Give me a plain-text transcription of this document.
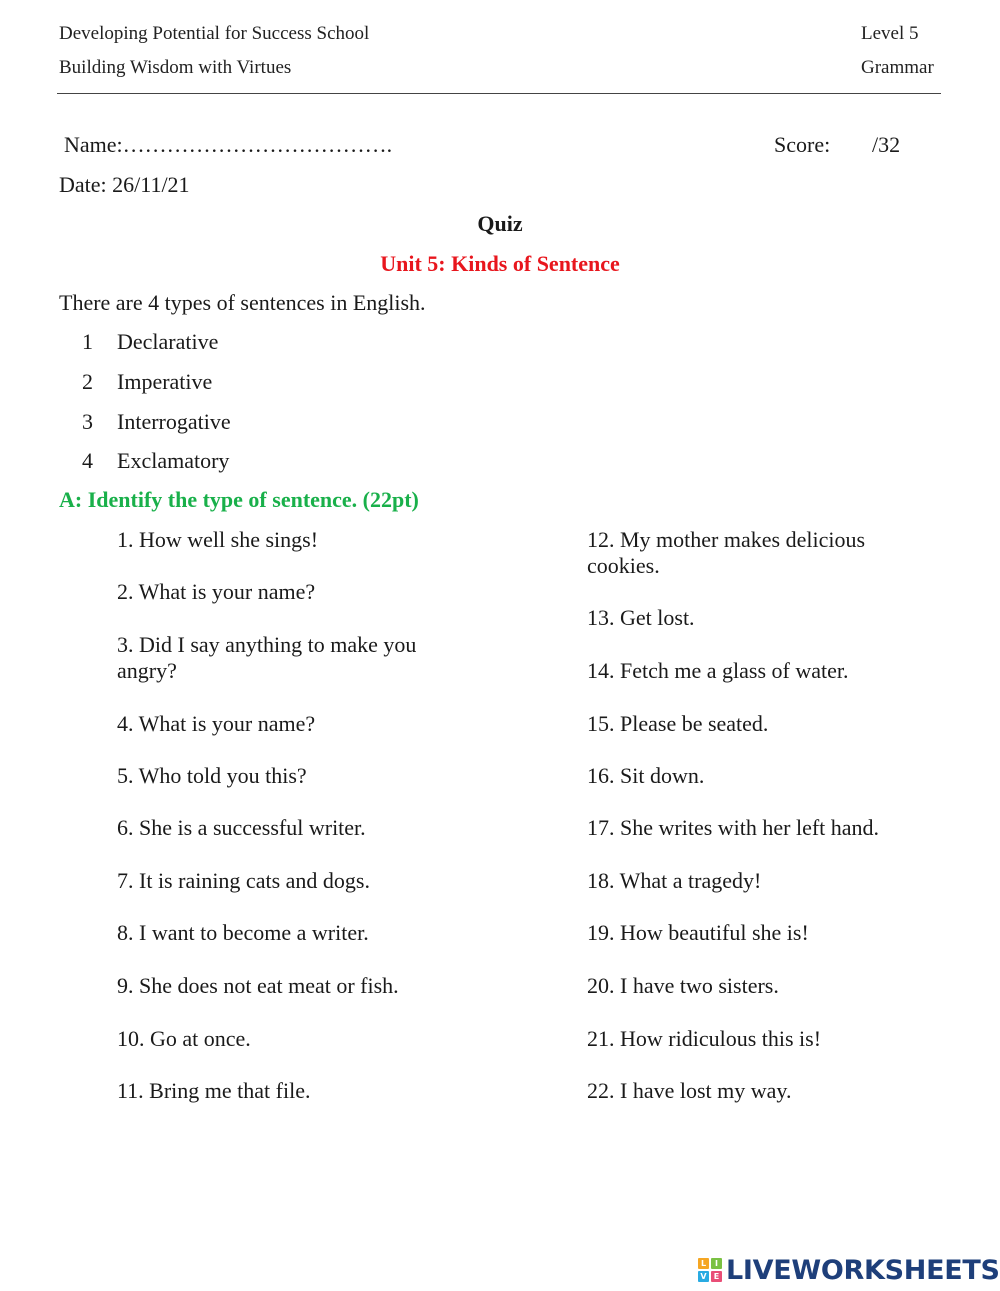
Developing Potential for Success School
Building Wisdom with Virtues
Level 5
Grammar
Name:……………………………….	Score: /32
Date: 26/11/21
Quiz
Unit 5: Kinds of Sentence
There are 4 types of sentences in English.
1 Declarative
2 Imperative
3 Interrogative
4 Exclamatory
A: Identify the type of sentence. (22pt)
1. How well she sings!
2. What is your name?
3. Did I say anything to make you angry?
4. What is your name?
5. Who told you this?
6. She is a successful writer.
7. It is raining cats and dogs.
8. I want to become a writer.
9. She does not eat meat or fish.
10. Go at once.
11. Bring me that file.
12. My mother makes delicious cookies.
13. Get lost.
14. Fetch me a glass of water.
15. Please be seated.
16. Sit down.
17. She writes with her left hand.
18. What a tragedy!
19. How beautiful she is!
20. I have two sisters.
21. How ridiculous this is!
22. I have lost my way.
L	I
V E LIVEWORKSHEETS
